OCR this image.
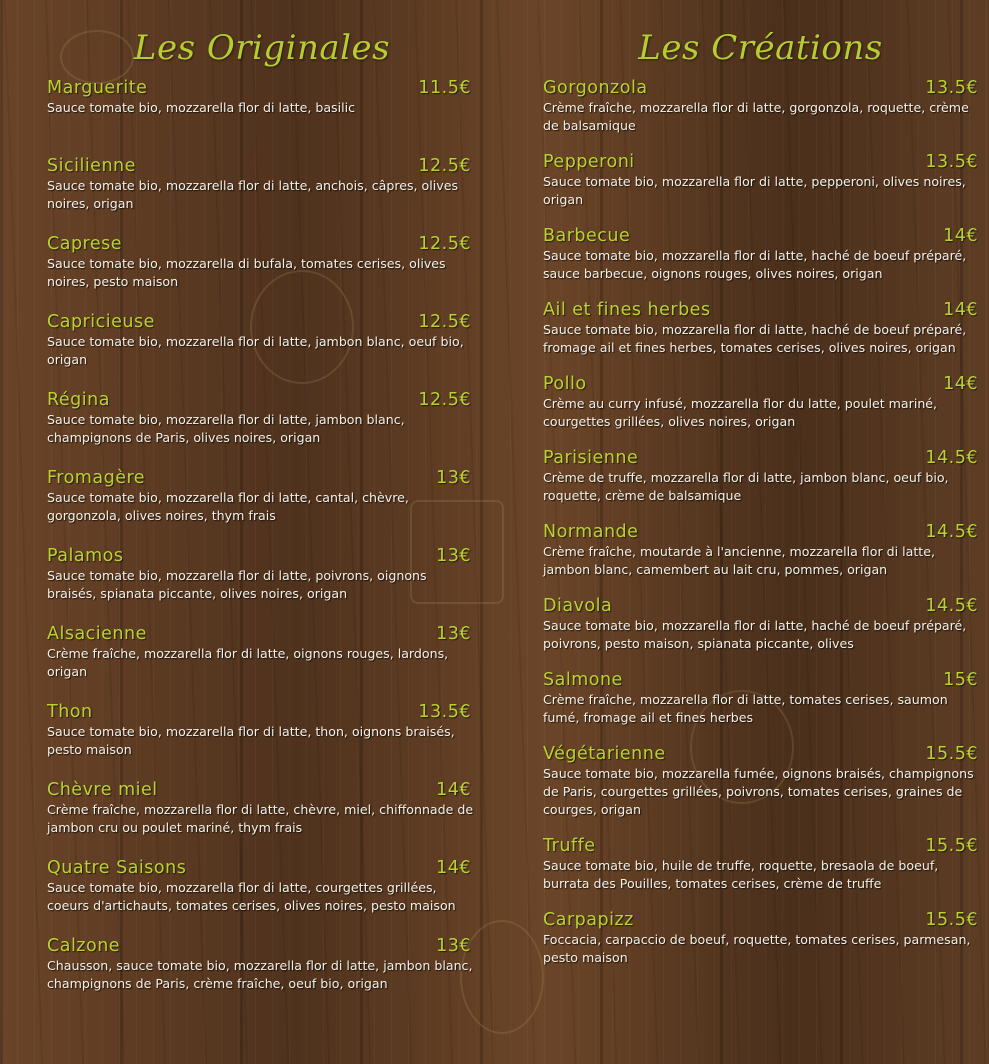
Les Originales
Marguerite	11.5€
Sauce tomate bio, mozzarella flor di latte, basilic
Sicilienne	12.5€
Sauce tomate bio, mozzarella flor di latte, anchois, câpres, olives noires, origan
Caprese	12.5€
Sauce tomate bio, mozzarella di bufala, tomates cerises, olives noires, pesto maison
Capricieuse	12.5€
Sauce tomate bio, mozzarella flor di latte, jambon blanc, oeuf bio, origan
Régina	12.5€
Sauce tomate bio, mozzarella flor di latte, jambon blanc, champignons de Paris, olives noires, origan
Fromagère	13€
Sauce tomate bio, mozzarella flor di latte, cantal, chèvre, gorgonzola, olives noires, thym frais
Palamos	13€
Sauce tomate bio, mozzarella flor di latte, poivrons, oignons braisés, spianata piccante, olives noires, origan
Alsacienne	13€
Crème fraîche, mozzarella flor di latte, oignons rouges, lardons, origan
Thon	13.5€
Sauce tomate bio, mozzarella flor di latte, thon, oignons braisés, pesto maison
Chèvre miel	14€
Crème fraîche, mozzarella flor di latte, chèvre, miel, chiffonnade de jambon cru ou poulet mariné, thym frais
Quatre Saisons	14€
Sauce tomate bio, mozzarella flor di latte, courgettes grillées, coeurs d'artichauts, tomates cerises, olives noires, pesto maison
Calzone	13€
Chausson, sauce tomate bio, mozzarella flor di latte, jambon blanc, champignons de Paris, crème fraîche, oeuf bio, origan
Les Créations
Gorgonzola	13.5€
Crème fraîche, mozzarella flor di latte, gorgonzola, roquette, crème de balsamique
Pepperoni	13.5€
Sauce tomate bio, mozzarella flor di latte, pepperoni, olives noires, origan
Barbecue	14€
Sauce tomate bio, mozzarella flor di latte, haché de boeuf préparé, sauce barbecue, oignons rouges, olives noires, origan
Ail et fines herbes	14€
Sauce tomate bio, mozzarella flor di latte, haché de boeuf préparé, fromage ail et fines herbes, tomates cerises, olives noires, origan
Pollo	14€
Crème au curry infusé, mozzarella flor du latte, poulet mariné, courgettes grillées, olives noires, origan
Parisienne	14.5€
Crème de truffe, mozzarella flor di latte, jambon blanc, oeuf bio, roquette, crème de balsamique
Normande	14.5€
Crème fraîche, moutarde à l'ancienne, mozzarella flor di latte, jambon blanc, camembert au lait cru, pommes, origan
Diavola	14.5€
Sauce tomate bio, mozzarella flor di latte, haché de boeuf préparé, poivrons, pesto maison, spianata piccante, olives
Salmone	15€
Crème fraîche, mozzarella flor di latte, tomates cerises, saumon fumé, fromage ail et fines herbes
Végétarienne	15.5€
Sauce tomate bio, mozzarella fumée, oignons braisés, champignons de Paris, courgettes grillées, poivrons, tomates cerises, graines de courges, origan
Truffe	15.5€
Sauce tomate bio, huile de truffe, roquette, bresaola de boeuf, burrata des Pouilles, tomates cerises, crème de truffe
Carpapizz	15.5€
Foccacia, carpaccio de boeuf, roquette, tomates cerises, parmesan, pesto maison
